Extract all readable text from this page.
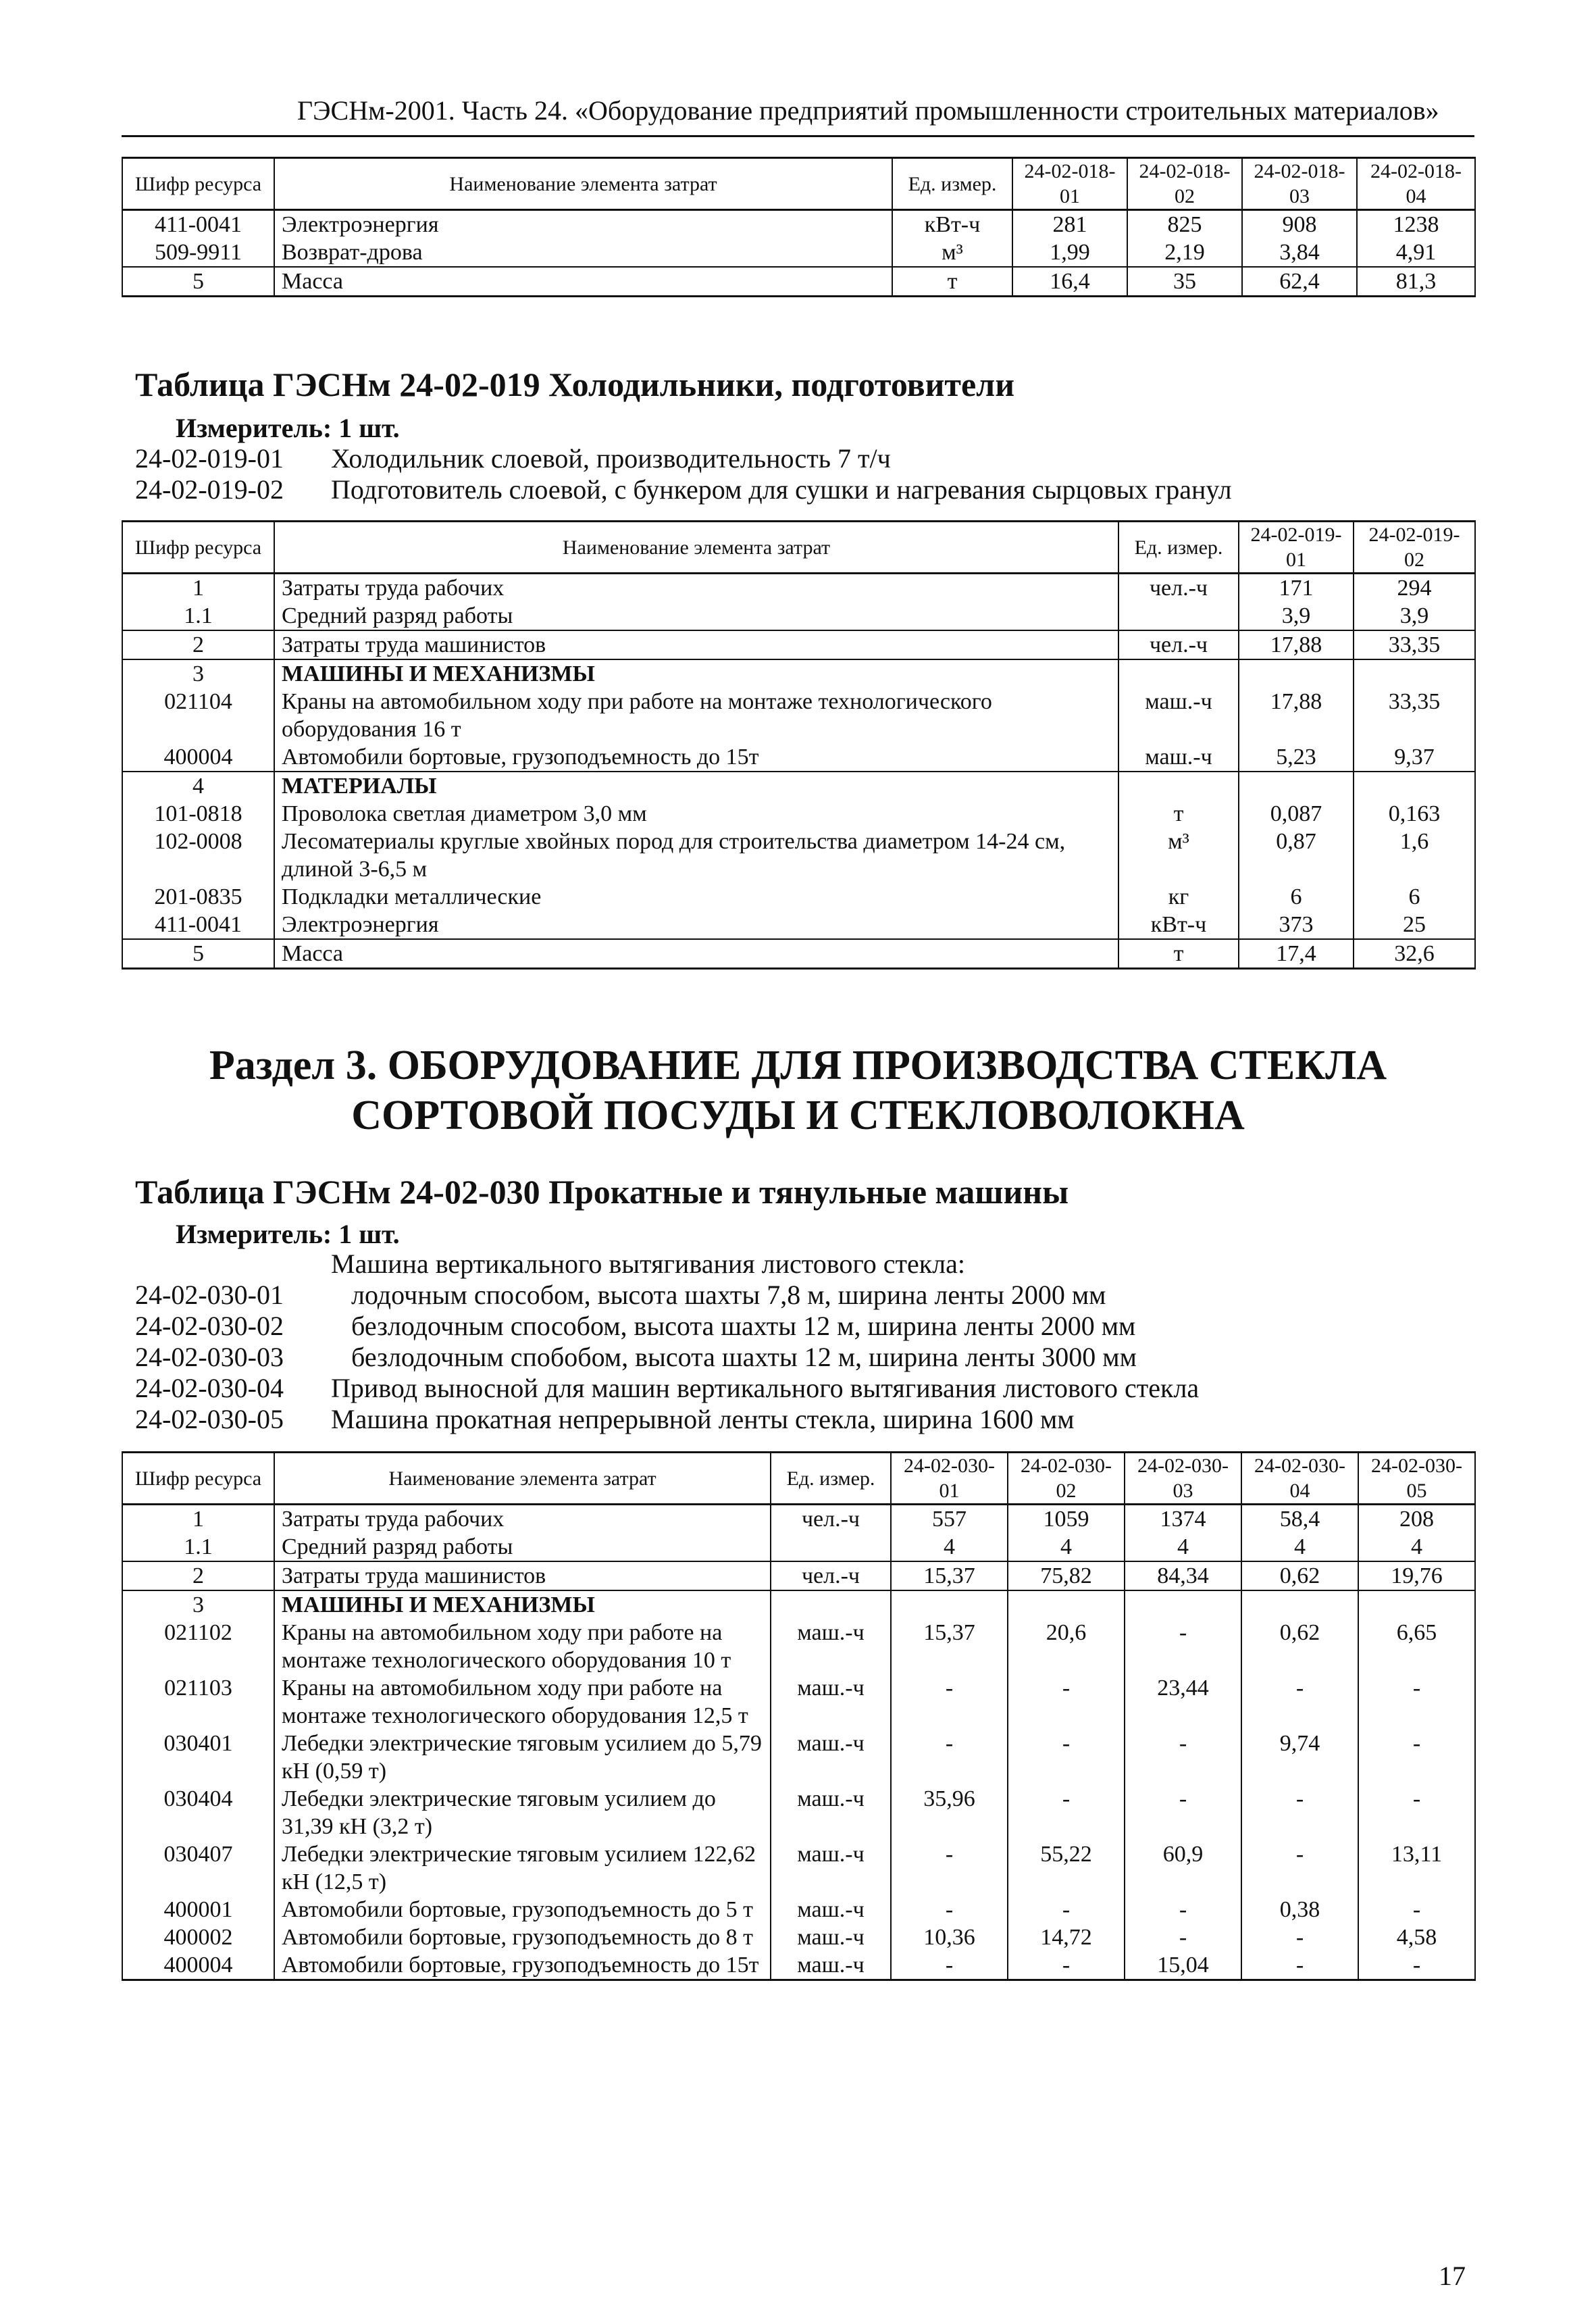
ГЭСНм-2001. Часть 24. «Оборудование предприятий промышленности строительных материалов»
Шифр ресурса	Наименование элемента затрат	Ед. измер.	24-02-018-01	24-02-018-02	24-02-018-03	24-02-018-04
411-0041	Электроэнергия	кВт-ч	281	825	908	1238
509-9911	Возврат-дрова	м³	1,99	2,19	3,84	4,91
5	Масса	т	16,4	35	62,4	81,3
Таблица ГЭСНм 24-02-019 Холодильники, подготовители
Измеритель: 1 шт.
24-02-019-01	Холодильник слоевой, производительность 7 т/ч
24-02-019-02	Подготовитель слоевой, с бункером для сушки и нагревания сырцовых гранул
Шифр ресурса	Наименование элемента затрат	Ед. измер.	24-02-019-01	24-02-019-02
1	Затраты труда рабочих	чел.-ч	171	294
1.1	Средний разряд работы		3,9	3,9
2	Затраты труда машинистов	чел.-ч	17,88	33,35
3	МАШИНЫ И МЕХАНИЗМЫ			
021104	Краны на автомобильном ходу при работе на монтаже технологического оборудования 16 т	маш.-ч	17,88	33,35
400004	Автомобили бортовые, грузоподъемность до 15т	маш.-ч	5,23	9,37
4	МАТЕРИАЛЫ			
101-0818	Проволока светлая диаметром 3,0 мм	т	0,087	0,163
102-0008	Лесоматериалы круглые хвойных пород для строительства диаметром 14-24 см, длиной 3-6,5 м	м³	0,87	1,6
201-0835	Подкладки металлические	кг	6	6
411-0041	Электроэнергия	кВт-ч	373	25
5	Масса	т	17,4	32,6
Раздел 3. ОБОРУДОВАНИЕ ДЛЯ ПРОИЗВОДСТВА СТЕКЛА
СОРТОВОЙ ПОСУДЫ И СТЕКЛОВОЛОКНА
Таблица ГЭСНм 24-02-030 Прокатные и тянульные машины
Измеритель: 1 шт.
Машина вертикального вытягивания листового стекла:
24-02-030-01	лодочным способом, высота шахты 7,8 м, ширина ленты 2000 мм
24-02-030-02	безлодочным способом, высота шахты 12 м, ширина ленты 2000 мм
24-02-030-03	безлодочным спобобом, высота шахты 12 м, ширина ленты 3000 мм
24-02-030-04	Привод выносной для машин вертикального вытягивания листового стекла
24-02-030-05	Машина прокатная непрерывной ленты стекла, ширина 1600 мм
Шифр ресурса	Наименование элемента затрат	Ед. измер.	24-02-030-01	24-02-030-02	24-02-030-03	24-02-030-04	24-02-030-05
1	Затраты труда рабочих	чел.-ч	557	1059	1374	58,4	208
1.1	Средний разряд работы		4	4	4	4	4
2	Затраты труда машинистов	чел.-ч	15,37	75,82	84,34	0,62	19,76
3	МАШИНЫ И МЕХАНИЗМЫ						
021102	Краны на автомобильном ходу при работе на монтаже технологического оборудования 10 т	маш.-ч	15,37	20,6	-	0,62	6,65
021103	Краны на автомобильном ходу при работе на монтаже технологического оборудования 12,5 т	маш.-ч	-	-	23,44	-	-
030401	Лебедки электрические тяговым усилием до 5,79 кН (0,59 т)	маш.-ч	-	-	-	9,74	-
030404	Лебедки электрические тяговым усилием до 31,39 кН (3,2 т)	маш.-ч	35,96	-	-	-	-
030407	Лебедки электрические тяговым усилием 122,62 кН (12,5 т)	маш.-ч	-	55,22	60,9	-	13,11
400001	Автомобили бортовые, грузоподъемность до 5 т	маш.-ч	-	-	-	0,38	-
400002	Автомобили бортовые, грузоподъемность до 8 т	маш.-ч	10,36	14,72	-	-	4,58
400004	Автомобили бортовые, грузоподъемность до 15т	маш.-ч	-	-	15,04	-	-
17
